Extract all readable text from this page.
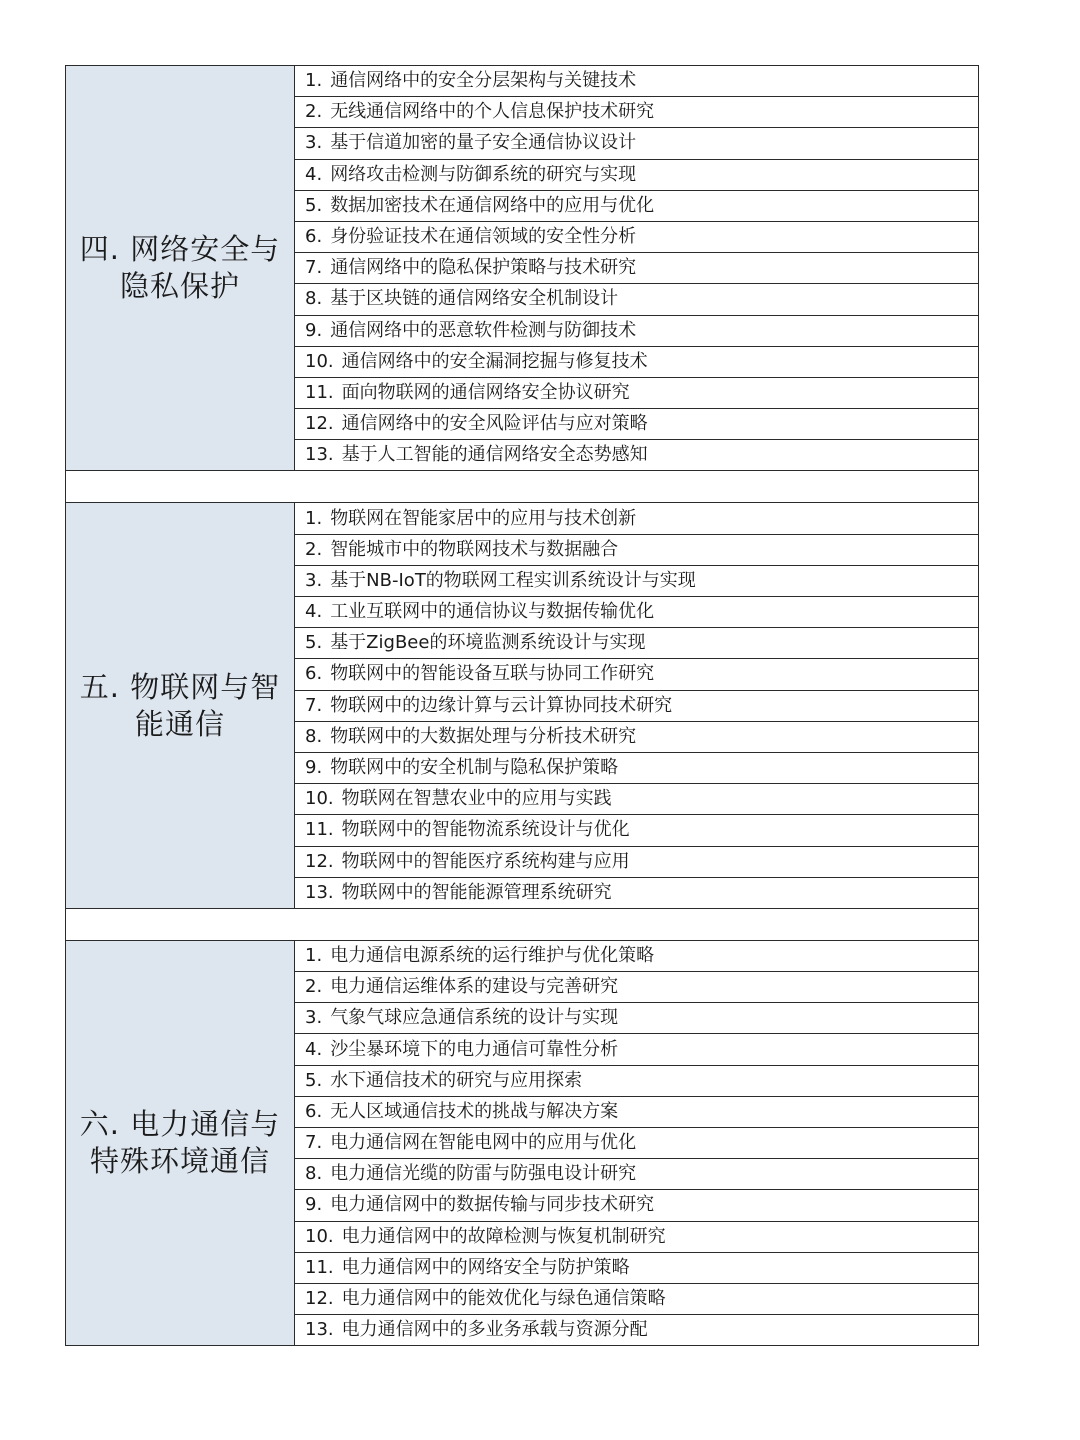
四. 网络安全与隐私保护	1. 通信网络中的安全分层架构与关键技术
	2. 无线通信网络中的个人信息保护技术研究
	3. 基于信道加密的量子安全通信协议设计
	4. 网络攻击检测与防御系统的研究与实现
	5. 数据加密技术在通信网络中的应用与优化
	6. 身份验证技术在通信领域的安全性分析
	7. 通信网络中的隐私保护策略与技术研究
	8. 基于区块链的通信网络安全机制设计
	9. 通信网络中的恶意软件检测与防御技术
	10. 通信网络中的安全漏洞挖掘与修复技术
	11. 面向物联网的通信网络安全协议研究
	12. 通信网络中的安全风险评估与应对策略
	13. 基于人工智能的通信网络安全态势感知

五. 物联网与智能通信	1. 物联网在智能家居中的应用与技术创新
	2. 智能城市中的物联网技术与数据融合
	3. 基于NB-IoT的物联网工程实训系统设计与实现
	4. 工业互联网中的通信协议与数据传输优化
	5. 基于ZigBee的环境监测系统设计与实现
	6. 物联网中的智能设备互联与协同工作研究
	7. 物联网中的边缘计算与云计算协同技术研究
	8. 物联网中的大数据处理与分析技术研究
	9. 物联网中的安全机制与隐私保护策略
	10. 物联网在智慧农业中的应用与实践
	11. 物联网中的智能物流系统设计与优化
	12. 物联网中的智能医疗系统构建与应用
	13. 物联网中的智能能源管理系统研究

六. 电力通信与特殊环境通信	1. 电力通信电源系统的运行维护与优化策略
	2. 电力通信运维体系的建设与完善研究
	3. 气象气球应急通信系统的设计与实现
	4. 沙尘暴环境下的电力通信可靠性分析
	5. 水下通信技术的研究与应用探索
	6. 无人区域通信技术的挑战与解决方案
	7. 电力通信网在智能电网中的应用与优化
	8. 电力通信光缆的防雷与防强电设计研究
	9. 电力通信网中的数据传输与同步技术研究
	10. 电力通信网中的故障检测与恢复机制研究
	11. 电力通信网中的网络安全与防护策略
	12. 电力通信网中的能效优化与绿色通信策略
	13. 电力通信网中的多业务承载与资源分配
